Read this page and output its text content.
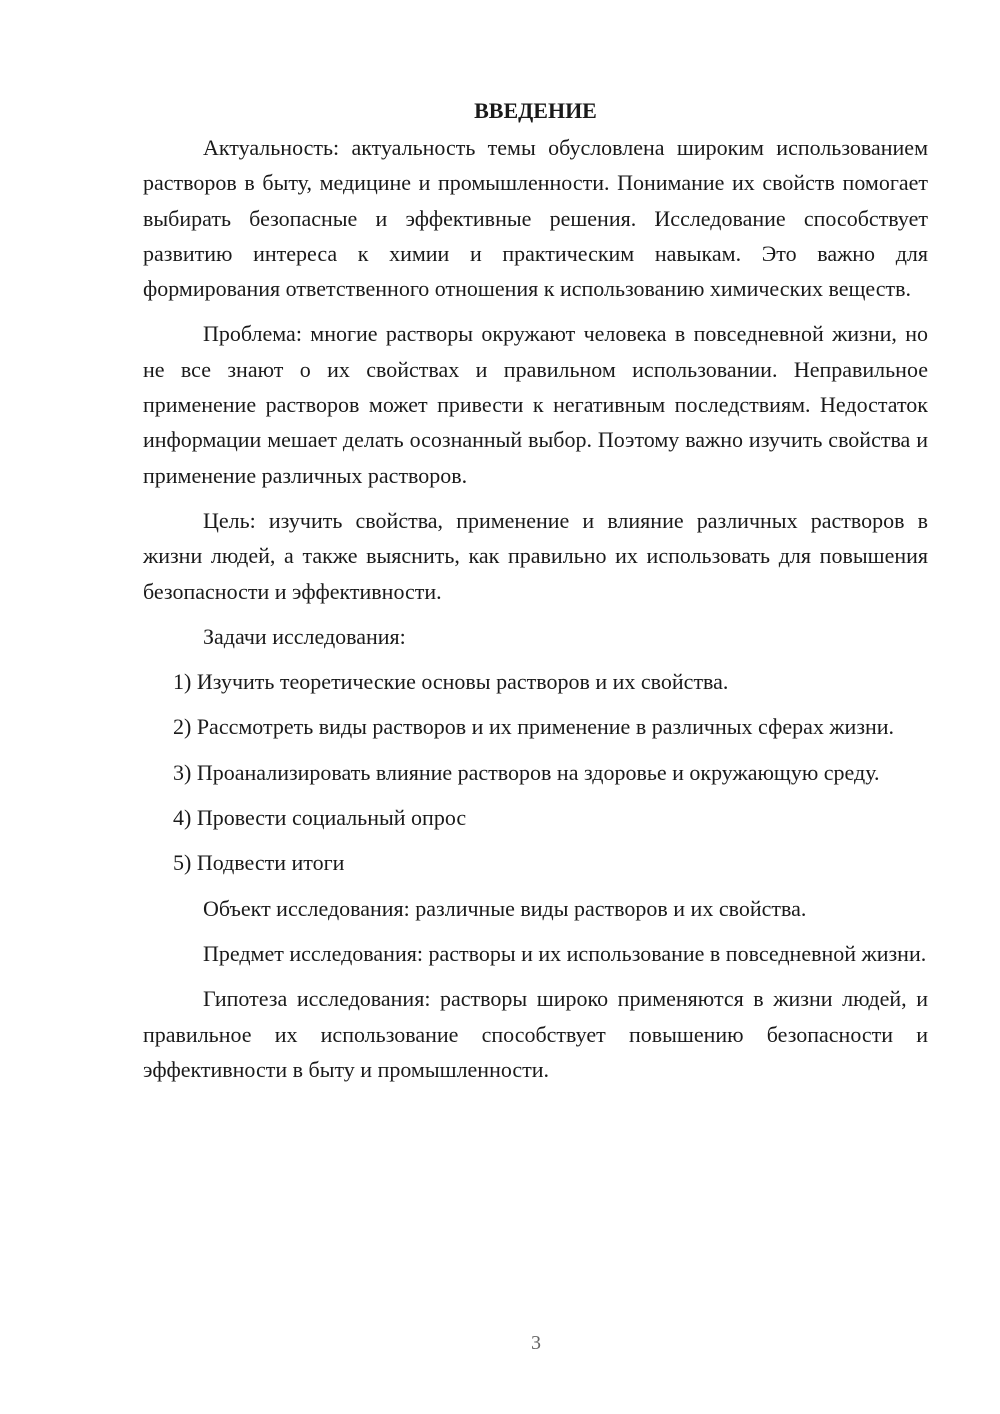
ВВЕДЕНИЕ

Актуальность: актуальность темы обусловлена широким использованием растворов в быту, медицине и промышленности. Понимание их свойств помогает выбирать безопасные и эффективные решения. Исследование способствует развитию интереса к химии и практическим навыкам. Это важно для формирования ответственного отношения к использованию химических веществ.

Проблема: многие растворы окружают человека в повседневной жизни, но не все знают о их свойствах и правильном использовании. Неправильное применение растворов может привести к негативным последствиям. Недостаток информации мешает делать осознанный выбор. Поэтому важно изучить свойства и применение различных растворов.

Цель: изучить свойства, применение и влияние различных растворов в жизни людей, а также выяснить, как правильно их использовать для повышения безопасности и эффективности.

Задачи исследования:

1) Изучить теоретические основы растворов и их свойства.

2) Рассмотреть виды растворов и их применение в различных сферах жизни.

3) Проанализировать влияние растворов на здоровье и окружающую среду.

4) Провести социальный опрос

5) Подвести итоги

Объект исследования: различные виды растворов и их свойства.

Предмет исследования: растворы и их использование в повседневной жизни.

Гипотеза исследования: растворы широко применяются в жизни людей, и правильное их использование способствует повышению безопасности и эффективности в быту и промышленности.

3
